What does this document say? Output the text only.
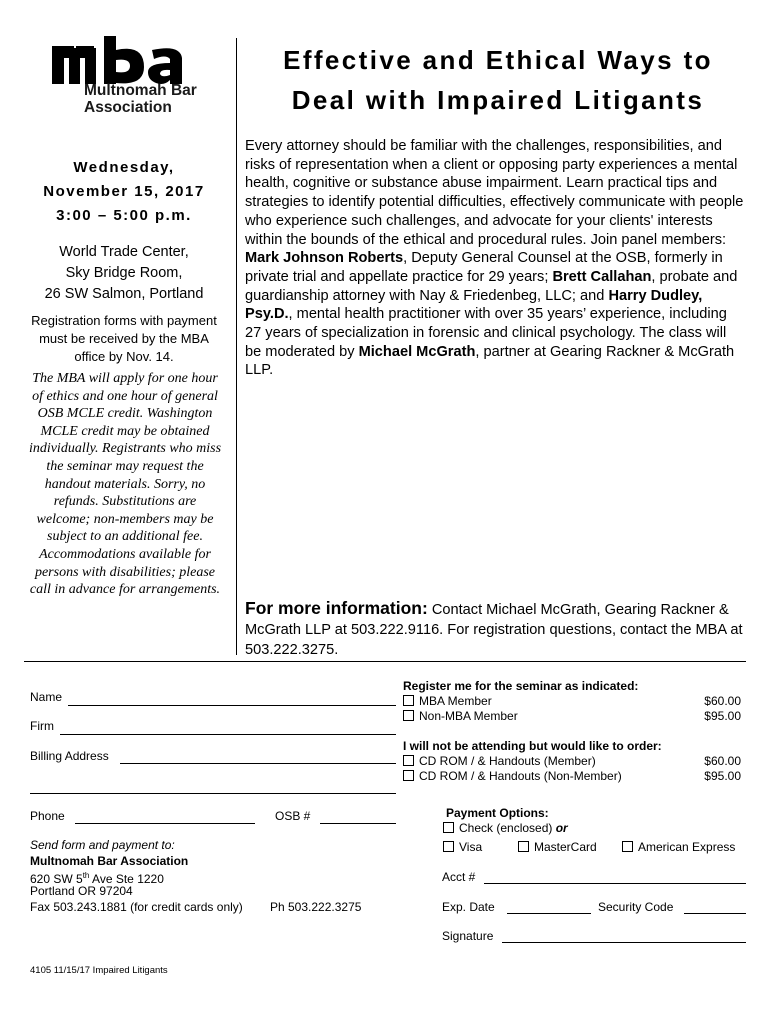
Multnomah Bar
Association
Wednesday,
November 15, 2017
3:00 – 5:00 p.m.
World Trade Center,
Sky Bridge Room,
26 SW Salmon, Portland
Registration forms with payment must be received by the MBA office by Nov. 14.
The MBA will apply for one hour of ethics and one hour of general OSB MCLE credit. Washington MCLE credit may be obtained individually. Registrants who miss the seminar may request the handout materials. Sorry, no refunds. Substitutions are welcome; non-members may be subject to an additional fee. Accommodations available for persons with disabilities; please call in advance for arrangements.
Effective and Ethical Ways to
Deal with Impaired Litigants
Every attorney should be familiar with the challenges, responsibilities, and risks of representation when a client or opposing party experiences a mental health, cognitive or substance abuse impairment. Learn practical tips and strategies to identify potential difficulties, effectively communicate with people who experience such challenges, and advocate for your clients' interests within the bounds of the ethical and procedural rules. Join panel members: Mark Johnson Roberts, Deputy General Counsel at the OSB, formerly in private trial and appellate practice for 29 years; Brett Callahan, probate and guardianship attorney with Nay & Friedenbeg, LLC; and Harry Dudley, Psy.D., mental health practitioner with over 35 years’ experience, including 27 years of specialization in forensic and clinical psychology. The class will be moderated by Michael McGrath, partner at Gearing Rackner & McGrath LLP.
For more information: Contact Michael McGrath, Gearing Rackner & McGrath LLP at 503.222.9116. For registration questions, contact the MBA at 503.222.3275.
Name
Firm
Billing Address
Phone	OSB #
Send form and payment to:
Multnomah Bar Association
620 SW 5th Ave Ste 1220
Portland OR 97204
Fax 503.243.1881 (for credit cards only) Ph 503.222.3275
4105 11/15/17 Impaired Litigants
Register me for the seminar as indicated:
MBA Member	$60.00
Non-MBA Member	$95.00
I will not be attending but would like to order:
CD ROM / & Handouts (Member)	$60.00
CD ROM / & Handouts (Non-Member)	$95.00
Payment Options:
Check (enclosed) or
Visa	MasterCard	American Express
Acct #
Exp. Date	Security Code
Signature
